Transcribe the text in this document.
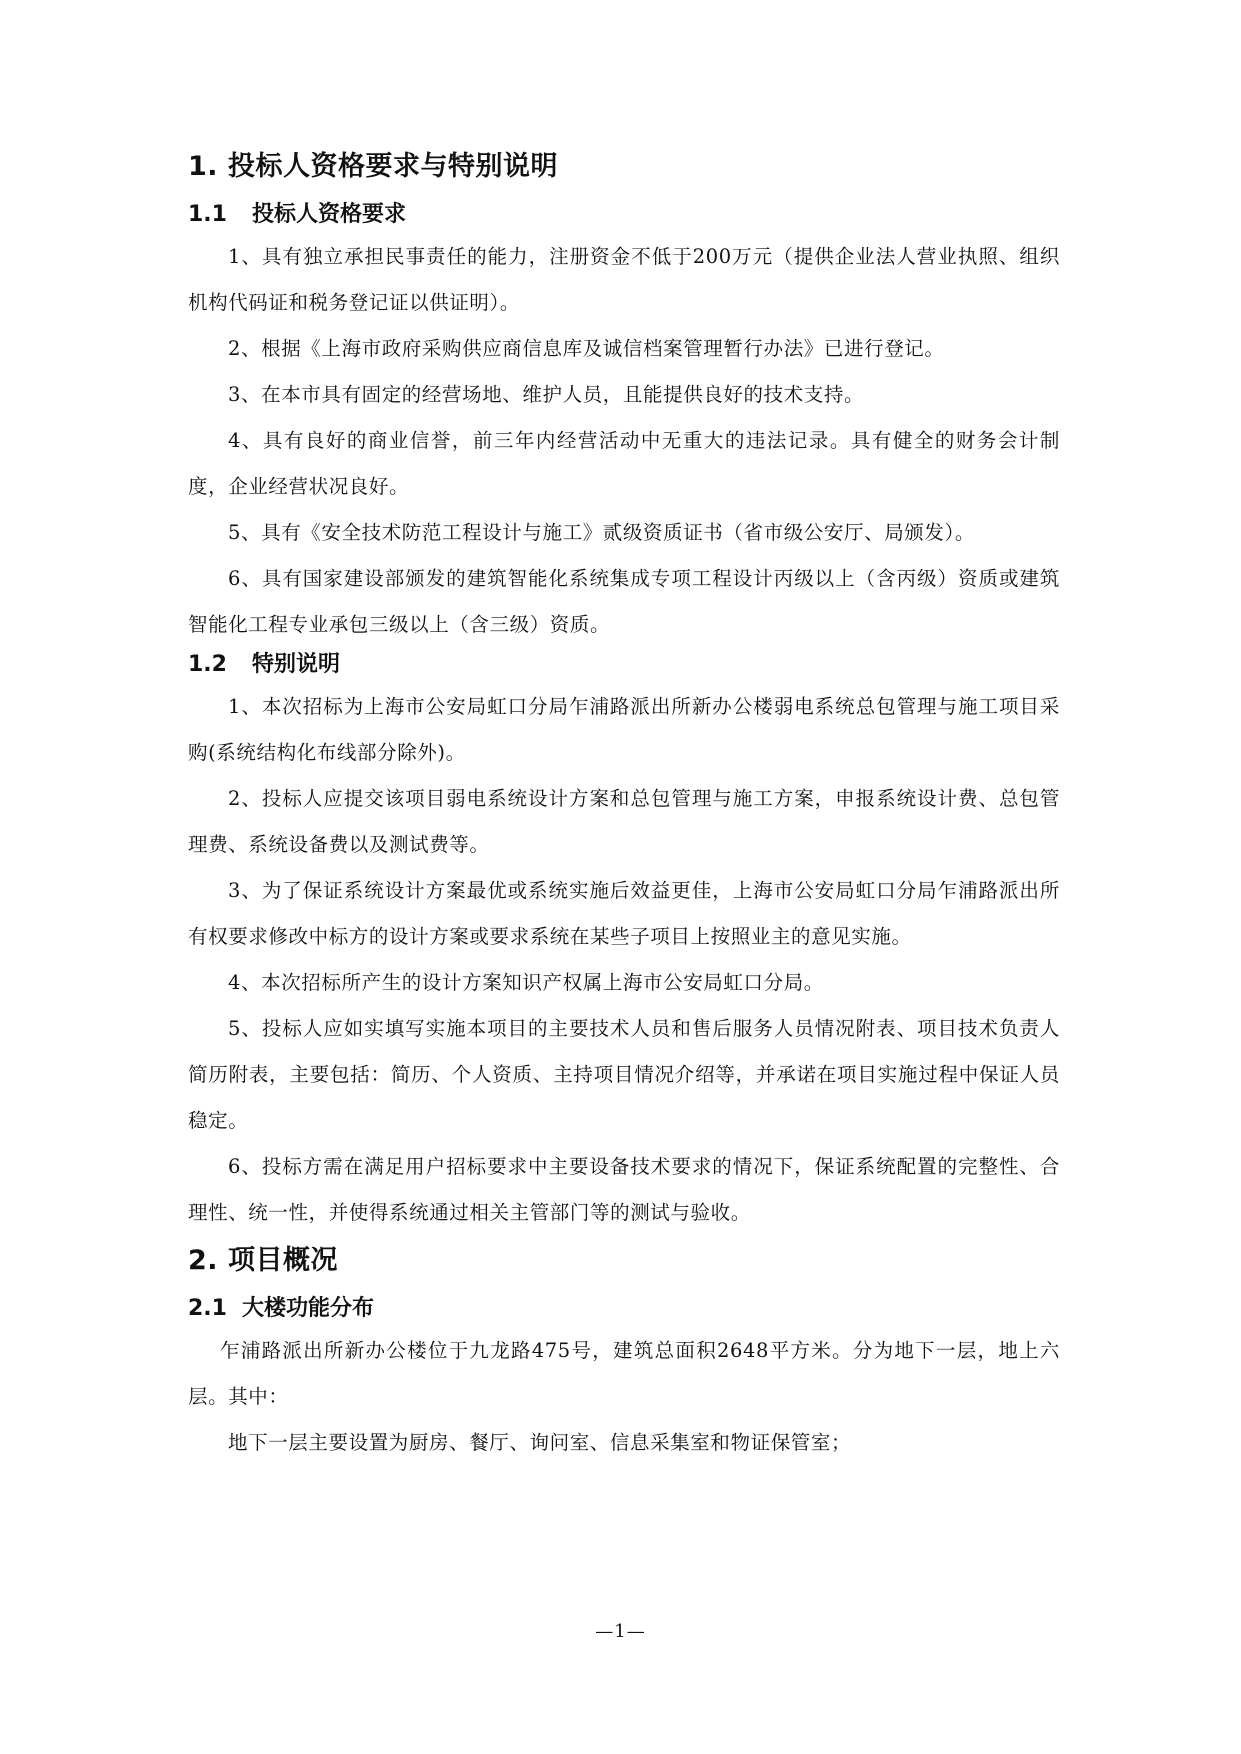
1. 投标人资格要求与特别说明
1.1 投标人资格要求

1、具有独立承担民事责任的能力，注册资金不低于200万元（提供企业法人营业执照、组织机构代码证和税务登记证以供证明）。

2、根据《上海市政府采购供应商信息库及诚信档案管理暂行办法》已进行登记。

3、在本市具有固定的经营场地、维护人员，且能提供良好的技术支持。

4、具有良好的商业信誉，前三年内经营活动中无重大的违法记录。具有健全的财务会计制度，企业经营状况良好。

5、具有《安全技术防范工程设计与施工》贰级资质证书（省市级公安厅、局颁发）。

6、具有国家建设部颁发的建筑智能化系统集成专项工程设计丙级以上（含丙级）资质或建筑智能化工程专业承包三级以上（含三级）资质。

1.2 特别说明

1、本次招标为上海市公安局虹口分局乍浦路派出所新办公楼弱电系统总包管理与施工项目采购(系统结构化布线部分除外)。

2、投标人应提交该项目弱电系统设计方案和总包管理与施工方案，申报系统设计费、总包管理费、系统设备费以及测试费等。

3、为了保证系统设计方案最优或系统实施后效益更佳，上海市公安局虹口分局乍浦路派出所有权要求修改中标方的设计方案或要求系统在某些子项目上按照业主的意见实施。

4、本次招标所产生的设计方案知识产权属上海市公安局虹口分局。

5、投标人应如实填写实施本项目的主要技术人员和售后服务人员情况附表、项目技术负责人简历附表，主要包括：简历、个人资质、主持项目情况介绍等，并承诺在项目实施过程中保证人员稳定。

6、投标方需在满足用户招标要求中主要设备技术要求的情况下，保证系统配置的完整性、合理性、统一性，并使得系统通过相关主管部门等的测试与验收。

2. 项目概况
2.1 大楼功能分布

乍浦路派出所新办公楼位于九龙路475号，建筑总面积2648平方米。分为地下一层，地上六层。其中：

地下一层主要设置为厨房、餐厅、询问室、信息采集室和物证保管室；

—1—
